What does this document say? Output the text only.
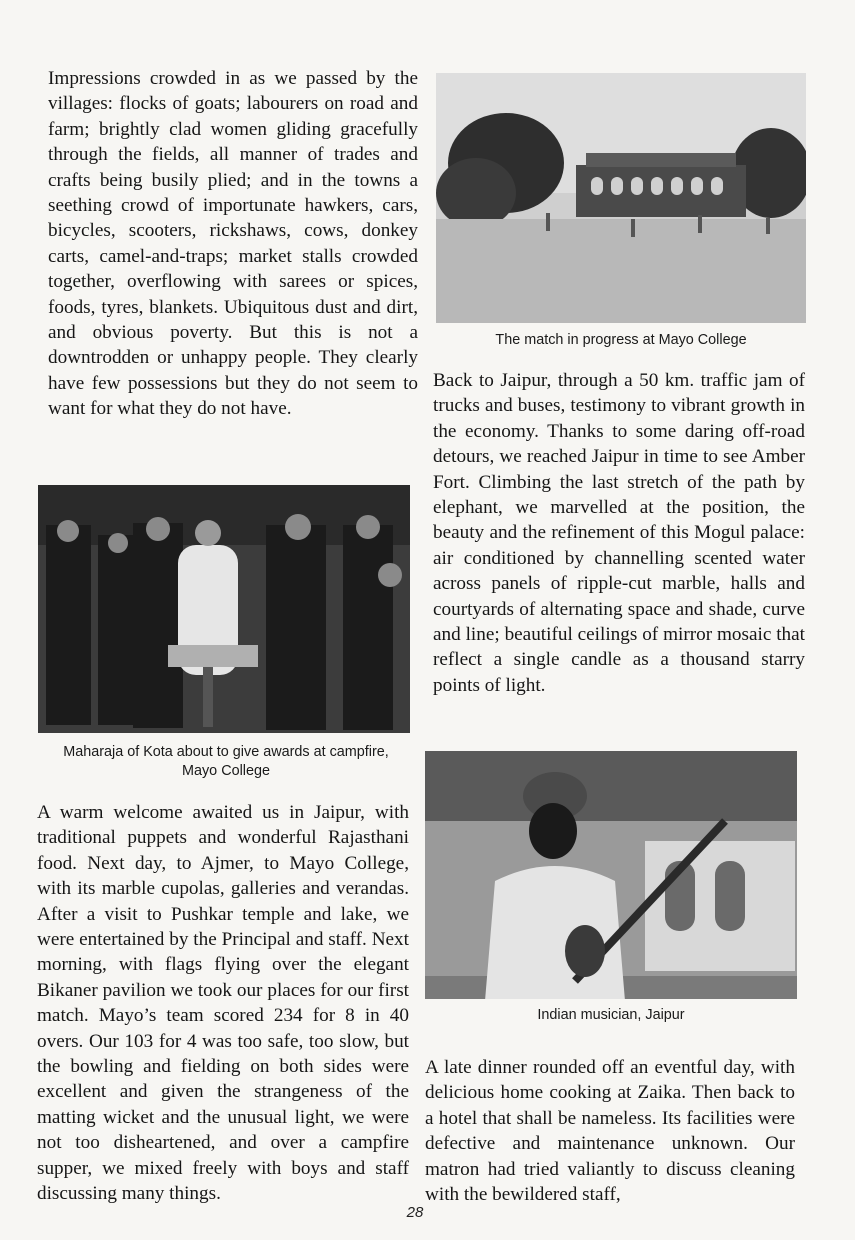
Impressions crowded in as we passed by the villages: flocks of goats; labourers on road and farm; brightly clad women gliding gracefully through the fields, all manner of trades and crafts being busily plied; and in the towns a seething crowd of importunate hawkers, cars, bicycles, scooters, rickshaws, cows, donkey carts, camel-and-traps; market stalls crowded together, overflowing with sarees or spices, foods, tyres, blankets. Ubiquitous dust and dirt, and obvious poverty. But this is not a downtrodden or unhappy people. They clearly have few possessions but they do not seem to want for what they do not have.

The match in progress at Mayo College

Back to Jaipur, through a 50 km. traffic jam of trucks and buses, testimony to vibrant growth in the economy. Thanks to some daring off-road detours, we reached Jaipur in time to see Amber Fort. Climbing the last stretch of the path by elephant, we marvelled at the position, the beauty and the refinement of this Mogul palace: air conditioned by channelling scented water across panels of ripple-cut marble, halls and courtyards of alternating space and shade, curve and line; beautiful ceilings of mirror mosaic that reflect a single candle as a thousand starry points of light.

Maharaja of Kota about to give awards at campfire, Mayo College

A warm welcome awaited us in Jaipur, with traditional puppets and wonderful Rajasthani food. Next day, to Ajmer, to Mayo College, with its marble cupolas, galleries and verandas. After a visit to Pushkar temple and lake, we were entertained by the Principal and staff. Next morning, with flags flying over the elegant Bikaner pavilion we took our places for our first match. Mayo’s team scored 234 for 8 in 40 overs. Our 103 for 4 was too safe, too slow, but the bowling and fielding on both sides were excellent and given the strangeness of the matting wicket and the unusual light, we were not too disheartened, and over a campfire supper, we mixed freely with boys and staff discussing many things.

Indian musician, Jaipur

A late dinner rounded off an eventful day, with delicious home cooking at Zaika. Then back to a hotel that shall be nameless. Its facilities were defective and maintenance unknown. Our matron had tried valiantly to discuss cleaning with the bewildered staff,

28
